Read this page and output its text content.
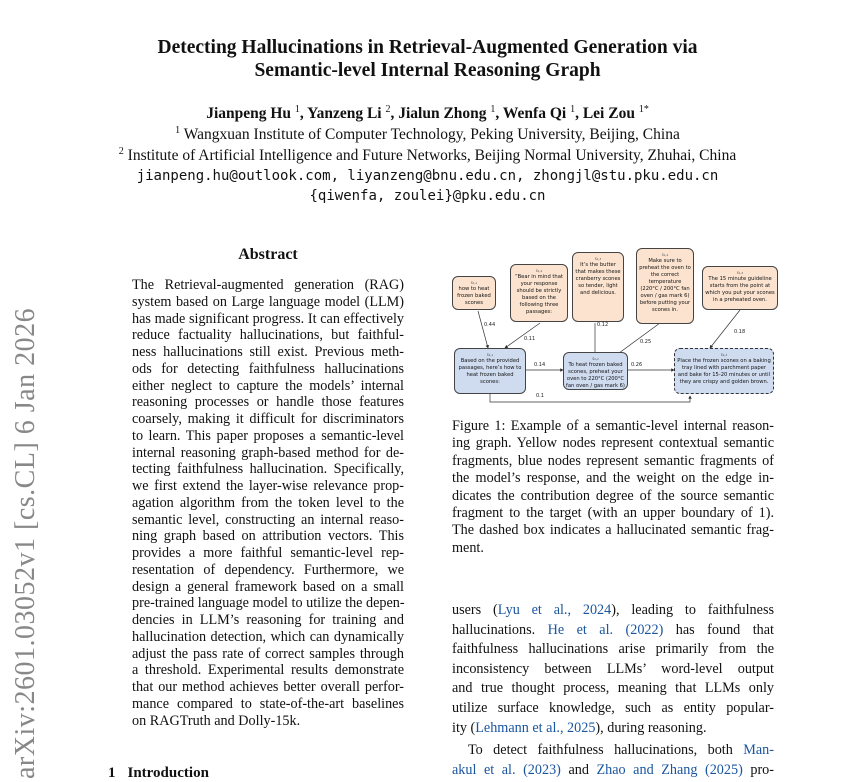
arXiv:2601.03052v1 [cs.CL] 6 Jan 2026
Detecting Hallucinations in Retrieval-Augmented Generation via
Semantic-level Internal Reasoning Graph
Jianpeng Hu $^1$, Yanzeng Li $^2$, Jialun Zhong $^1$, Wenfa Qi $^1$, Lei Zou $^{1*}$
$^1$ Wangxuan Institute of Computer Technology, Peking University, Beijing, China
$^2$ Institute of Artificial Intelligence and Future Networks, Beijing Normal University, Zhuhai, China
jianpeng.hu@outlook.com, liyanzeng@bnu.edu.cn, zhongjl@stu.pku.edu.cn
{qiwenfa, zoulei}@pku.edu.cn
Abstract
The Retrieval-augmented generation (RAG)
system based on Large language model (LLM)
has made significant progress. It can effectively
reduce factuality hallucinations, but faithful-
ness hallucinations still exist. Previous meth-
ods for detecting faithfulness hallucinations
either neglect to capture the models’ internal
reasoning processes or handle those features
coarsely, making it difficult for discriminators
to learn. This paper proposes a semantic-level
internal reasoning graph-based method for de-
tecting faithfulness hallucination. Specifically,
we first extend the layer-wise relevance prop-
agation algorithm from the token level to the
semantic level, constructing an internal reaso-
ning graph based on attribution vectors. This
provides a more faithful semantic-level rep-
resentation of dependency. Furthermore, we
design a general framework based on a small
pre-trained language model to utilize the depen-
dencies in LLM’s reasoning for training and
hallucination detection, which can dynamically
adjust the pass rate of correct samples through
a threshold. Experimental results demonstrate
that our method achieves better overall perfor-
mance compared to state-of-the-art baselines
on RAGTruth and Dolly-15k.
1 Introduction
s₁,₁
how to heat frozen baked scones
s₁,₂
“Bear in mind that your response should be strictly based on the following three passages:
s₁,₃
It’s the butter that makes these cranberry scones so tender, light and delicious.
s₁,₄
Make sure to preheat the oven to the correct temperature (220°C / 200°C fan oven / gas mark 6) before putting your scones in.
s₁,₅
The 15 minute guideline starts from the point at which you put your scones in a preheated oven.
s₂,₁
Based on the provided passages, here’s how to heat frozen baked scones:
s₂,₂
To heat frozen baked scones, preheat your oven to 220°C (200°C fan oven / gas mark 6)
s₂,₃
Place the frozen scones on a baking tray lined with parchment paper and bake for 15-20 minutes or until they are crispy and golden brown.
0.44
0.11
0.12
0.25
0.18
0.14	0.26
0.1
Figure 1: Example of a semantic-level internal reason-
ing graph. Yellow nodes represent contextual semantic
fragments, blue nodes represent semantic fragments of
the model’s response, and the weight on the edge in-
dicates the contribution degree of the source semantic
fragment to the target (with an upper boundary of 1).
The dashed box indicates a hallucinated semantic frag-
ment.
users (Lyu et al., 2024), leading to faithfulness
hallucinations. He et al. (2022) has found that
faithfulness hallucinations arise primarily from the
inconsistency between LLMs’ word-level output
and true thought process, meaning that LLMs only
utilize surface knowledge, such as entity popular-
ity (Lehmann et al., 2025), during reasoning.
To detect faithfulness hallucinations, both Man-
akul et al. (2023) and Zhao and Zhang (2025) pro-
